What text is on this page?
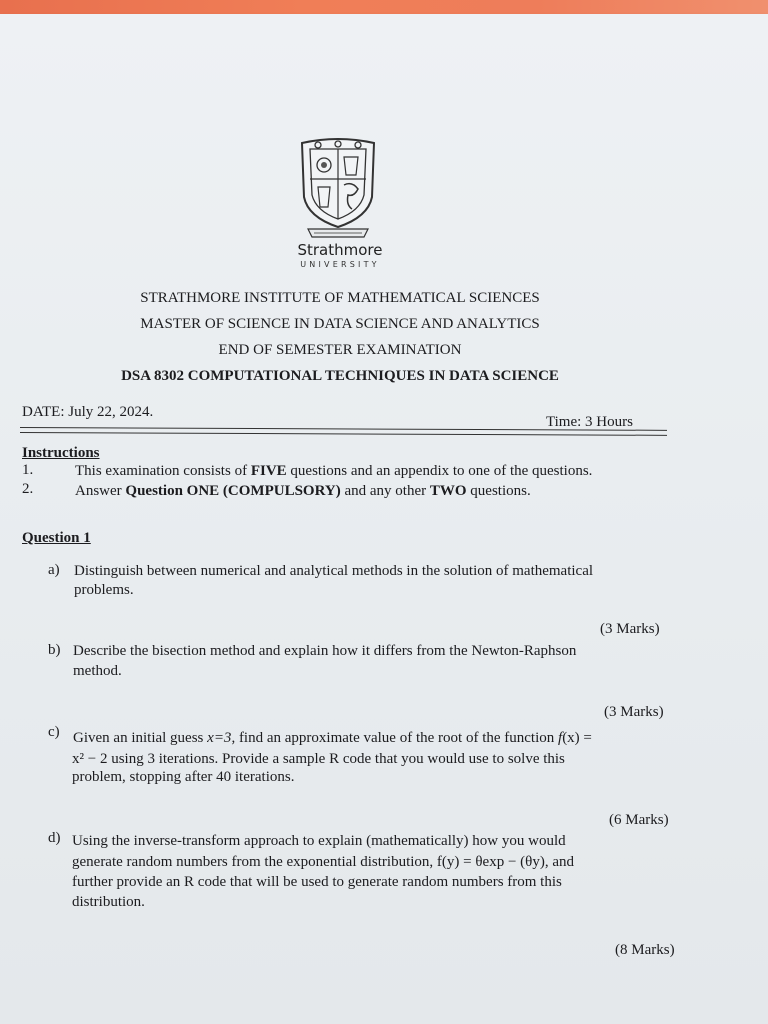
Strathmore
UNIVERSITY
STRATHMORE INSTITUTE OF MATHEMATICAL SCIENCES
MASTER OF SCIENCE IN DATA SCIENCE AND ANALYTICS
END OF SEMESTER EXAMINATION
DSA 8302 COMPUTATIONAL TECHNIQUES IN DATA SCIENCE
DATE: July 22, 2024.
Time: 3 Hours
Instructions
1.	This examination consists of FIVE questions and an appendix to one of the questions.
2.	Answer Question ONE (COMPULSORY) and any other TWO questions.
Question 1
a) Distinguish between numerical and analytical methods in the solution of mathematical
problems.
(3 Marks)
b) Describe the bisection method and explain how it differs from the Newton-Raphson
method.
(3 Marks)
c) Given an initial guess x=3, find an approximate value of the root of the function f(x) =
x² − 2 using 3 iterations. Provide a sample R code that you would use to solve this
problem, stopping after 40 iterations.
(6 Marks)
d) Using the inverse-transform approach to explain (mathematically) how you would
generate random numbers from the exponential distribution, f(y) = θexp − (θy), and
further provide an R code that will be used to generate random numbers from this
distribution.
(8 Marks)
